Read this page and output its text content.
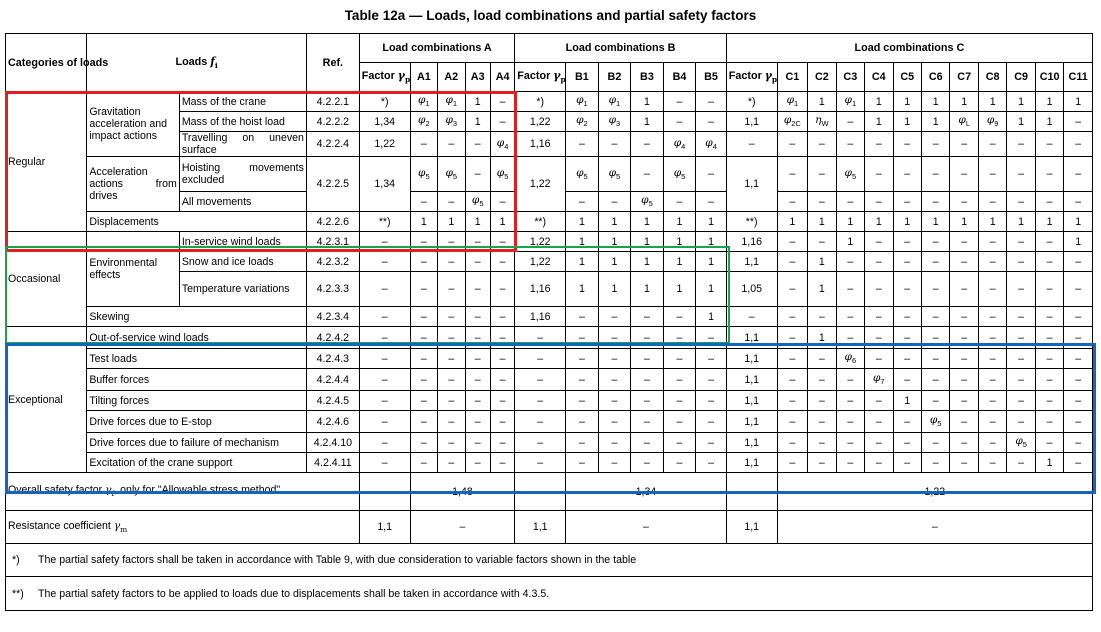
Table 12a — Loads, load combinations and partial safety factors
Categories of loads	Loads $f_i$		Ref.	Load combinations A					Load combinations B						Load combinations C											
				Factor $\gamma_p$	A1	A2	A3	A4	Factor $\gamma_p$	B1	B2	B3	B4	B5	Factor $\gamma_p$	C1	C2	C3	C4	C5	C6	C7	C8	C9	C10	C11
Regular	Gravitation acceleration and impact actions	Mass of the crane	4.2.2.1	*)	$\varphi_1$	$\varphi_1$	1	–	*)	$\varphi_1$	$\varphi_1$	1	–	–	*)	$\varphi_1$	1	$\varphi_1$	1	1	1	1	1	1	1	1
		Mass of the hoist load	4.2.2.2	1,34	$\varphi_2$	$\varphi_3$	1	–	1,22	$\varphi_2$	$\varphi_3$	1	–	–	1,1	$\varphi_{2C}$	$\eta_W$	–	1	1	1	$\varphi_L$	$\varphi_9$	1	1	–
		Travelling on uneven surface	4.2.2.4	1,22	–	–	–	$\varphi_4$	1,16	–	–	–	$\varphi_4$	$\varphi_4$	–	–	–	–	–	–	–	–	–	–	–	–
	Acceleration actions from drives	Hoisting movements excluded	4.2.2.5	1,34	$\varphi_5$	$\varphi_5$	–	$\varphi_5$	1,22	$\varphi_5$	$\varphi_5$	–	$\varphi_5$	–	1,1	–	–	$\varphi_5$	–	–	–	–	–	–	–	–
		All movements			–	–	$\varphi_5$	–		–	–	$\varphi_5$	–	–		–	–	–	–	–	–	–	–	–	–	–
	Displacements		4.2.2.6	**)	1	1	1	1	**)	1	1	1	1	1	**)	1	1	1	1	1	1	1	1	1	1	1
Occasional	Environmental effects	In-service wind loads	4.2.3.1	–	–	–	–	–	1,22	1	1	1	1	1	1,16	–	–	1	–	–	–	–	–	–	–	1
		Snow and ice loads	4.2.3.2	–	–	–	–	–	1,22	1	1	1	1	1	1,1	–	1	–	–	–	–	–	–	–	–	–
		Temperature variations	4.2.3.3	–	–	–	–	–	1,16	1	1	1	1	1	1,05	–	1	–	–	–	–	–	–	–	–	–
	Skewing		4.2.3.4	–	–	–	–	–	1,16	–	–	–	–	1	–	–	–	–	–	–	–	–	–	–	–	–
Exceptional	Out-of-service wind loads		4.2.4.2	–	–	–	–	–	–	–	–	–	–	–	1,1	–	1	–	–	–	–	–	–	–	–	–
	Test loads		4.2.4.3	–	–	–	–	–	–	–	–	–	–	–	1,1	–	–	$\varphi_6$	–	–	–	–	–	–	–	–
	Buffer forces		4.2.4.4	–	–	–	–	–	–	–	–	–	–	–	1,1	–	–	–	$\varphi_7$	–	–	–	–	–	–	–
	Tilting forces		4.2.4.5	–	–	–	–	–	–	–	–	–	–	–	1,1	–	–	–	–	1	–	–	–	–	–	–
	Drive forces due to E-stop		4.2.4.6	–	–	–	–	–	–	–	–	–	–	–	1,1	–	–	–	–	–	$\varphi_5$	–	–	–	–	–
	Drive forces due to failure of mechanism		4.2.4.10	–	–	–	–	–	–	–	–	–	–	–	1,1	–	–	–	–	–	–	–	–	$\varphi_5$	–	–
	Excitation of the crane support		4.2.4.11	–	–	–	–	–	–	–	–	–	–	–	1,1	–	–	–	–	–	–	–	–	–	1	–
Overall safety factor $\gamma_f$, only for "Allowable stress method"				–	1,48				–	1,34					–	1,22										
Resistance coefficient $\gamma_m$				1,1	–				1,1	–					1,1	–										
*) The partial safety factors shall be taken in accordance with Table 9, with due consideration to variable factors shown in the table																										
**) The partial safety factors to be applied to loads due to displacements shall be taken in accordance with 4.3.5.																										
